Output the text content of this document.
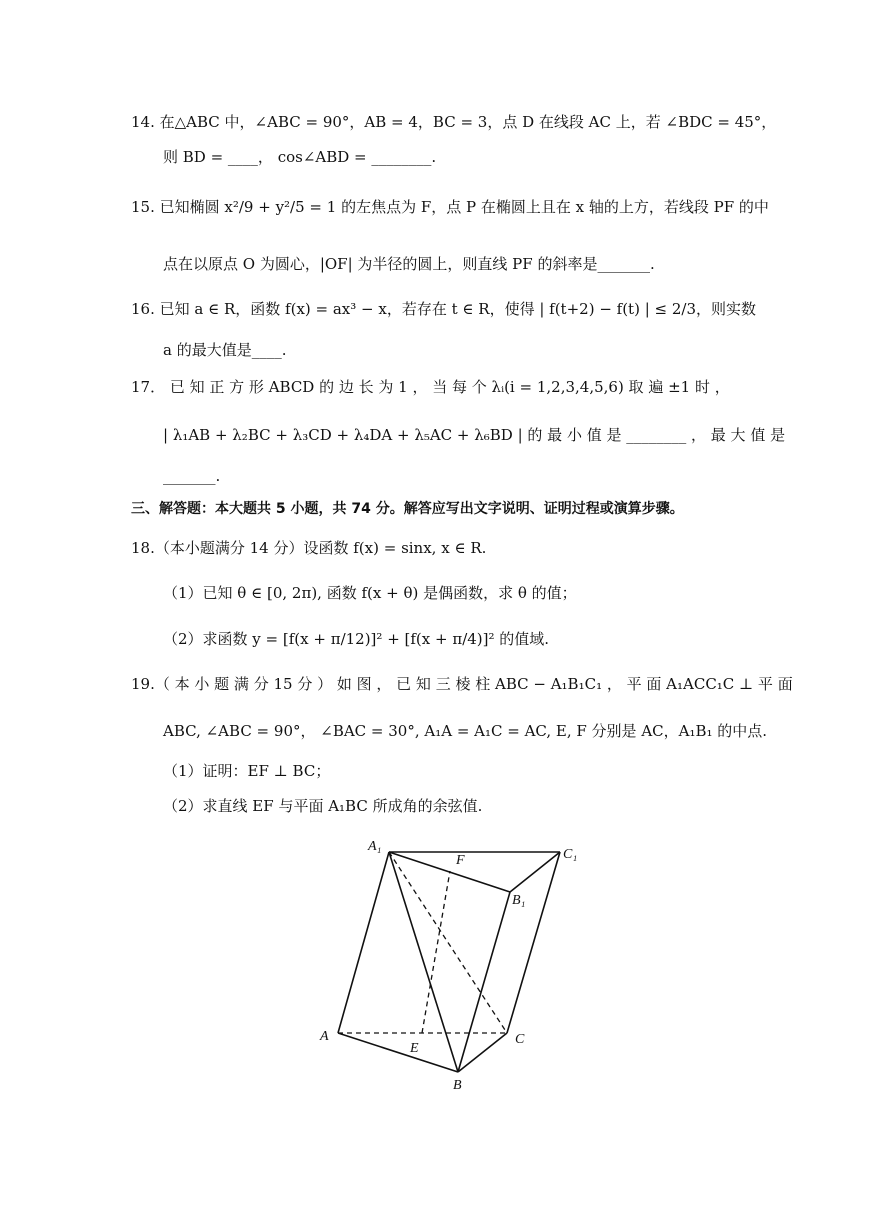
14. 在△ABC 中，∠ABC = 90°，AB = 4，BC = 3，点 D 在线段 AC 上，若 ∠BDC = 45°，
则 BD = ____， cos∠ABD = ________.
15. 已知椭圆 x²/9 + y²/5 = 1 的左焦点为 F，点 P 在椭圆上且在 x 轴的上方，若线段 PF 的中
点在以原点 O 为圆心，|OF| 为半径的圆上，则直线 PF 的斜率是_______.
16. 已知 a ∈ R，函数 f(x) = ax³ − x，若存在 t ∈ R，使得 | f(t+2) − f(t) | ≤ 2/3，则实数
a 的最大值是____.
17． 已 知 正 方 形 ABCD 的 边 长 为 1 ， 当 每 个 λᵢ(i = 1,2,3,4,5,6) 取 遍 ±1 时 ，
| λ₁AB + λ₂BC + λ₃CD + λ₄DA + λ₅AC + λ₆BD | 的 最 小 值 是 ________ ， 最 大 值 是
_______.
三、解答题：本大题共 5 小题，共 74 分。解答应写出文字说明、证明过程或演算步骤。
18.（本小题满分 14 分）设函数 f(x) = sinx, x ∈ R.
（1）已知 θ ∈ [0, 2π), 函数 f(x + θ) 是偶函数，求 θ 的值；
（2）求函数 y = [f(x + π/12)]² + [f(x + π/4)]² 的值域.
19.（ 本 小 题 满 分 15 分 ） 如 图 ， 已 知 三 棱 柱 ABC − A₁B₁C₁ ， 平 面 A₁ACC₁C ⊥ 平 面
ABC, ∠ABC = 90°， ∠BAC = 30°, A₁A = A₁C = AC, E, F 分别是 AC，A₁B₁ 的中点.
（1）证明：EF ⊥ BC；
（2）求直线 EF 与平面 A₁BC 所成角的余弦值.
A₁
F	C₁
B₁
A
E
C
B
